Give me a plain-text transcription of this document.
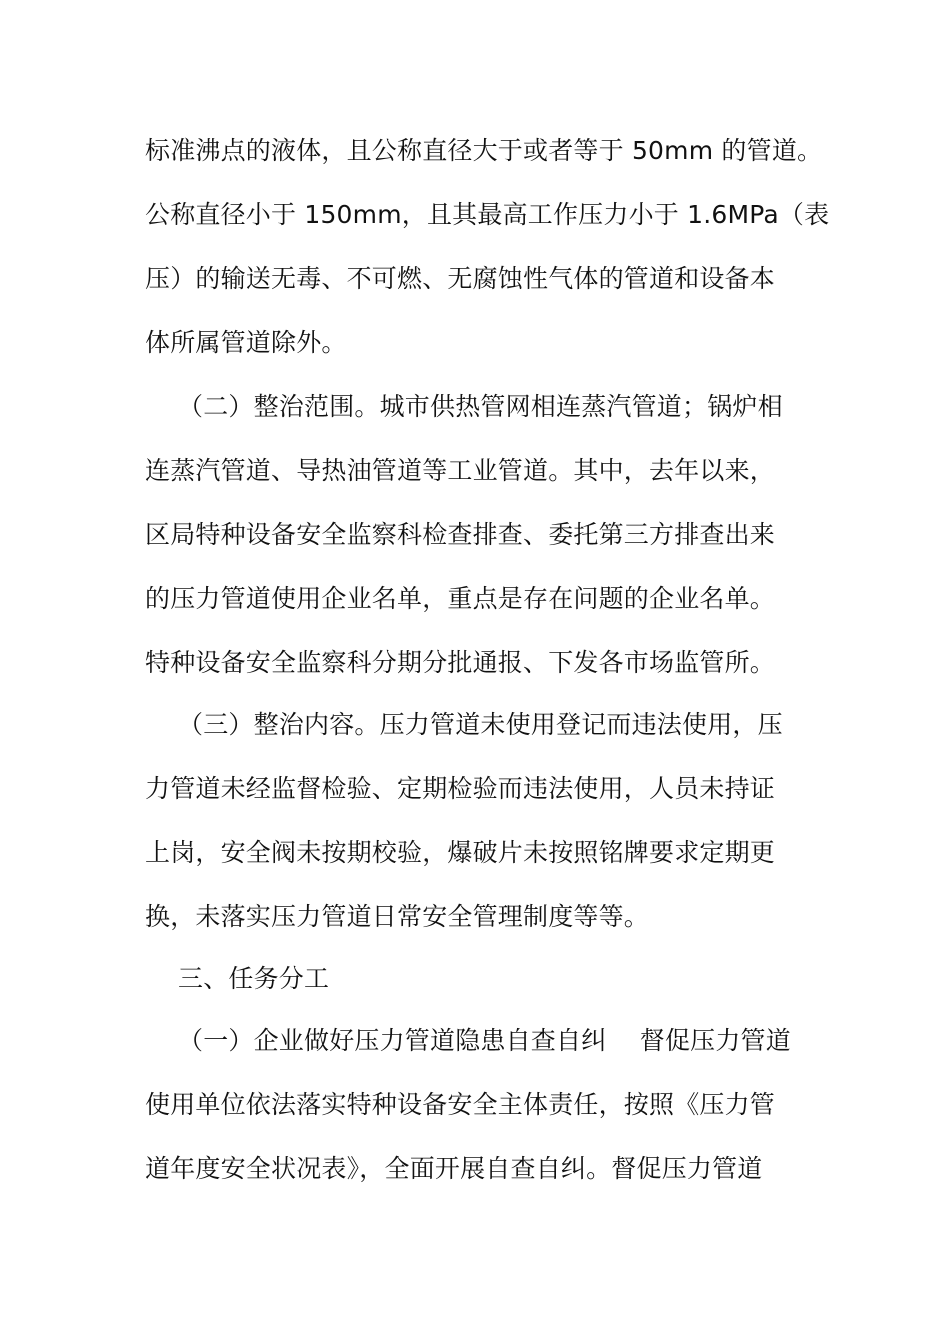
标准沸点的液体，且公称直径大于或者等于 50mm 的管道。
公称直径小于 150mm，且其最高工作压力小于 1.6MPa（表
压）的输送无毒、不可燃、无腐蚀性气体的管道和设备本
体所属管道除外。
（二）整治范围。城市供热管网相连蒸汽管道；锅炉相
连蒸汽管道、导热油管道等工业管道。其中，去年以来，
区局特种设备安全监察科检查排查、委托第三方排查出来
的压力管道使用企业名单，重点是存在问题的企业名单。
特种设备安全监察科分期分批通报、下发各市场监管所。
（三）整治内容。压力管道未使用登记而违法使用，压
力管道未经监督检验、定期检验而违法使用，人员未持证
上岗，安全阀未按期校验，爆破片未按照铭牌要求定期更
换，未落实压力管道日常安全管理制度等等。
三、任务分工
（一）企业做好压力管道隐患自查自纠　 督促压力管道
使用单位依法落实特种设备安全主体责任，按照《压力管
道年度安全状况表》，全面开展自查自纠。督促压力管道
